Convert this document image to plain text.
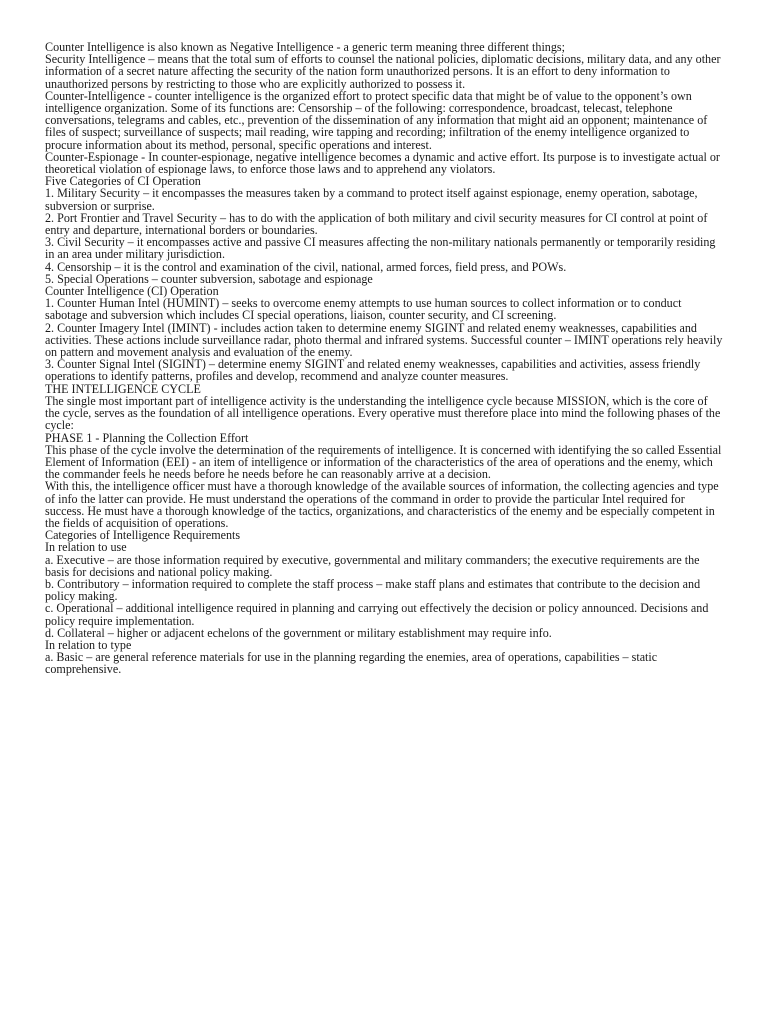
Counter Intelligence is also known as Negative Intelligence - a generic term meaning three different things;

Security Intelligence – means that the total sum of efforts to counsel the national policies, diplomatic decisions, military data, and any other information of a secret nature affecting the security of the nation form unauthorized persons. It is an effort to deny information to unauthorized persons by restricting to those who are explicitly authorized to possess it.

Counter-Intelligence - counter intelligence is the organized effort to protect specific data that might be of value to the opponent’s own intelligence organization. Some of its functions are: Censorship – of the following: correspondence, broadcast, telecast, telephone conversations, telegrams and cables, etc., prevention of the dissemination of any information that might aid an opponent; maintenance of files of suspect; surveillance of suspects; mail reading, wire tapping and recording; infiltration of the enemy intelligence organized to procure information about its method, personal, specific operations and interest.

Counter-Espionage - In counter-espionage, negative intelligence becomes a dynamic and active effort. Its purpose is to investigate actual or theoretical violation of espionage laws, to enforce those laws and to apprehend any violators.

Five Categories of CI Operation

1. Military Security – it encompasses the measures taken by a command to protect itself against espionage, enemy operation, sabotage, subversion or surprise.

2. Port Frontier and Travel Security – has to do with the application of both military and civil security measures for CI control at point of entry and departure, international borders or boundaries.

3. Civil Security – it encompasses active and passive CI measures affecting the non-military nationals permanently or temporarily residing in an area under military jurisdiction.

4. Censorship – it is the control and examination of the civil, national, armed forces, field press, and POWs.

5. Special Operations – counter subversion, sabotage and espionage

Counter Intelligence (CI) Operation

1. Counter Human Intel (HUMINT) – seeks to overcome enemy attempts to use human sources to collect information or to conduct sabotage and subversion which includes CI special operations, liaison, counter security, and CI screening.

2. Counter Imagery Intel (IMINT) - includes action taken to determine enemy SIGINT and related enemy weaknesses, capabilities and activities. These actions include surveillance radar, photo thermal and infrared systems. Successful counter – IMINT operations rely heavily on pattern and movement analysis and evaluation of the enemy.

3. Counter Signal Intel (SIGINT) – determine enemy SIGINT and related enemy weaknesses, capabilities and activities, assess friendly operations to identify patterns, profiles and develop, recommend and analyze counter measures.

THE INTELLIGENCE CYCLE

The single most important part of intelligence activity is the understanding the intelligence cycle because MISSION, which is the core of the cycle, serves as the foundation of all intelligence operations. Every operative must therefore place into mind the following phases of the cycle:

PHASE 1 - Planning the Collection Effort

This phase of the cycle involve the determination of the requirements of intelligence. It is concerned with identifying the so called Essential Element of Information (EEI) - an item of intelligence or information of the characteristics of the area of operations and the enemy, which the commander feels he needs before he needs before he can reasonably arrive at a decision.

With this, the intelligence officer must have a thorough knowledge of the available sources of information, the collecting agencies and type of info the latter can provide. He must understand the operations of the command in order to provide the particular Intel required for success. He must have a thorough knowledge of the tactics, organizations, and characteristics of the enemy and be especially competent in the fields of acquisition of operations.

Categories of Intelligence Requirements

In relation to use

a. Executive – are those information required by executive, governmental and military commanders; the executive requirements are the basis for decisions and national policy making.

b. Contributory – information required to complete the staff process – make staff plans and estimates that contribute to the decision and policy making.

c. Operational – additional intelligence required in planning and carrying out effectively the decision or policy announced. Decisions and policy require implementation.

d. Collateral – higher or adjacent echelons of the government or military establishment may require info.

In relation to type

a. Basic – are general reference materials for use in the planning regarding the enemies, area of operations, capabilities – static comprehensive.
